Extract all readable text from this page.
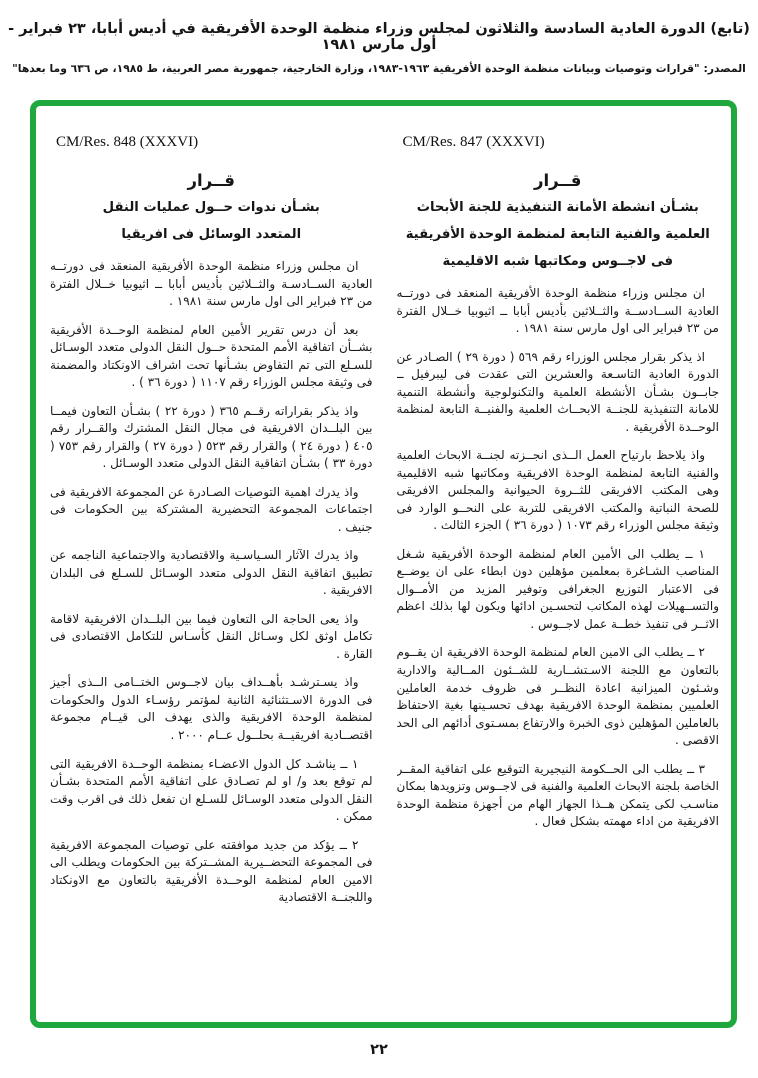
(تابع) الدورة العادية السادسة والثلاثون لمجلس وزراء منظمة الوحدة الأفريقية في أديس أبابا، ٢٣ فبراير - أول مارس ١٩٨١
المصدر: "قرارات وتوصيات وبيانات منظمة الوحدة الأفريقية ١٩٦٣-١٩٨٣، وزارة الخارجية، جمهورية مصر العربية، ط ١٩٨٥، ص ٦٣٦ وما بعدها"
CM/Res. 848 (XXXVI)
قــرار
بشـأن ندوات حــول عمليات النقل
المتعدد الوسائل فى افريقيا

ان مجلس وزراء منظمة الوحدة الأفريقية المنعقد فى دورتــه العادية الســادسـة والثــلاثين بأديس أبابا ــ اثيوبيا خــلال الفترة من ٢٣ فبراير الى اول مارس سنة ١٩٨١ .

بعد أن درس تقرير الأمين العام لمنظمة الوحــدة الأفريقية بشــأن اتفاقية الأمم المتحدة حــول النقل الدولى متعدد الوسـائل للسـلع التى تم التفاوض بشـأنها تحت اشراف الاونكتاد والمضمنة فى وثيقة مجلس الوزراء رقم ١١٠٧ ( دورة ٣٦ ) .

واذ يذكر بقراراته رقــم ٣٦٥ ( دورة ٢٢ ) بشـأن التعاون فيمــا بين البلــدان الافريقية فى مجال النقل المشترك والقــرار رقم ٤٠٥ ( دورة ٢٤ ) والقرار رقم ٥٢٣ ( دورة ٢٧ ) والقرار رقم ٧٥٣ ( دورة ٣٣ ) بشـأن اتفاقية النقل الدولى متعدد الوسـائل .

واذ يدرك اهمية التوصيات الصـادرة عن المجموعة الافريقية فى اجتماعات المجموعة التحضيرية المشتركة بين الحكومات فى جنيف .

واذ يدرك الآثار السـياسـية والاقتصادية والاجتماعية الناجمه عن تطبيق اتفاقية النقل الدولى متعدد الوسـائل للسـلع فى البلدان الافريقية .

واذ يعى الحاجة الى التعاون فيما بين البلــدان الافريقية لاقامة تكامل اوثق لكل وسـائل النقل كأسـاس للتكامل الاقتصادى فى القارة .

واذ يسـترشـد بأهــداف بيان لاجــوس الختــامى الــذى أجيز فى الدورة الاسـتثنائية الثانية لمؤتمر رؤسـاء الدول والحكومات لمنظمة الوحدة الافريقية والذى يهدف الى قيــام مجموعة اقتصــادية افريقيــة بحلــول عــام ٢٠٠٠ .

١ ــ يناشـد كل الدول الاعضـاء بمنظمة الوحــدة الافريقية التى لم توقع بعد و/ او لم تصـادق على اتفاقية الأمم المتحدة بشـأن النقل الدولى متعدد الوسـائل للسـلع ان تفعل ذلك فى اقرب وقت ممكن .

٢ ــ يؤكد من جديد موافقته على توصيات المجموعة الافريقية فى المجموعة التحضــيرية المشــتركة بين الحكومات ويطلب الى الامين العام لمنظمة الوحــدة الأفريقية بالتعاون مع الاونكتاد واللجنــة الاقتصادية

CM/Res. 847 (XXXVI)
قــرار
بشـأن انشطة الأمانة التنفيذية للجنة الأبحاث
العلمية والفنية التابعة لمنظمة الوحدة الأفريقية
فى لاجــوس ومكاتبها شبه الاقليمية

ان مجلس وزراء منظمة الوحدة الأفريقية المنعقد فى دورتــه العادية الســادســة والثــلاثين بأديس أبابا ــ اثيوبيا خــلال الفترة من ٢٣ فبراير الى اول مارس سنة ١٩٨١ .

اذ يذكر بقرار مجلس الوزراء رقم ٥٦٩ ( دورة ٢٩ ) الصـادر عن الدورة العادية التاسـعة والعشرين التى عقدت فى ليبرفيل ــ جابــون بشـأن الأنشطة العلمية والتكنولوجية وأنشطة التنمية للامانة التنفيذية للجنــة الابحــاث العلمية والفنيــة التابعة لمنظمة الوحــدة الأفريقية .

واذ يلاحظ بارتياح العمل الــذى انجــزته لجنــة الابحاث العلمية والفنية التابعة لمنظمة الوحدة الافريقية ومكاتبها شبه الاقليمية وهى المكتب الافريقى للثــروة الحيوانية والمجلس الافريقى للصحة النباتية والمكتب الافريقى للتربة على النحــو الوارد فى وثيقة مجلس الوزراء رقم ١٠٧٣ ( دورة ٣٦ ) الجزء الثالث .

١ ــ يطلب الى الأمين العام لمنظمة الوحدة الأفريقية شـغل المناصب الشـاغرة بمعلمين مؤهلين دون ابطاء على ان يوضــع فى الاعتبار التوزيع الجغرافى وتوفير المزيد من الأمــوال والتســهيلات لهذه المكاتب لتحسـين ادائها ويكون لها بذلك اعظم الاثــر فى تنفيذ خطــة عمل لاجــوس .

٢ ــ يطلب الى الامين العام لمنظمة الوحدة الافريقية ان يقــوم بالتعاون مع اللجنة الاسـتشــارية للشــئون المــالية والادارية وشـئون الميزانية اعادة النظــر فى ظروف خدمة العاملين العلميين بمنظمة الوحدة الافريقية بهدف تحسـينها بغية الاحتفاظ بالعاملين المؤهلين ذوى الخبرة والارتفاع بمسـتوى أدائهم الى الحد الاقصى .

٣ ــ يطلب الى الحــكومة النيجيرية التوقيع على اتفاقية المقــر الخاصة بلجنة الابحاث العلمية والفنية فى لاجــوس وتزويدها بمكان مناسـب لكى يتمكن هــذا الجهاز الهام من أجهزة منظمة الوحدة الافريقية من اداء مهمته بشكل فعال .

٢٢
